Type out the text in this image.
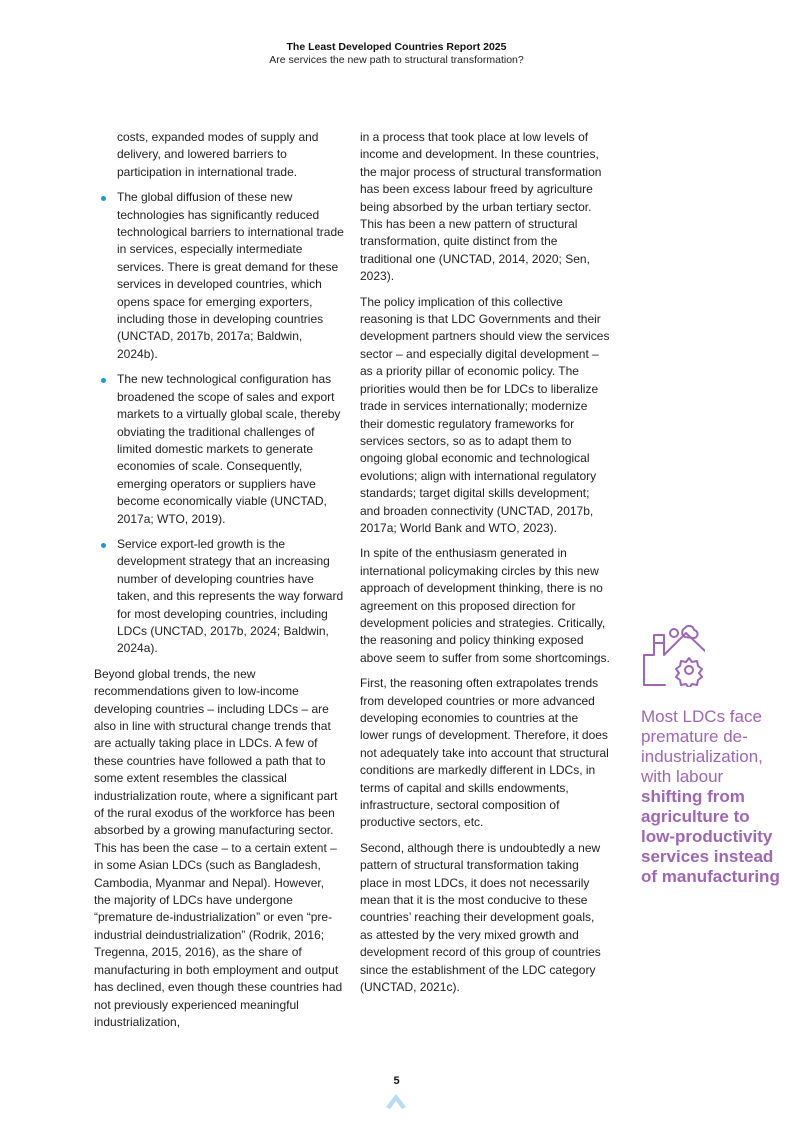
The Least Developed Countries Report 2025
Are services the new path to structural transformation?

costs, expanded modes of supply and delivery, and lowered barriers to participation in international trade.

The global diffusion of these new technologies has significantly reduced technological barriers to international trade in services, especially intermediate services. There is great demand for these services in developed countries, which opens space for emerging exporters, including those in developing countries (UNCTAD, 2017b, 2017a; Baldwin, 2024b).
The new technological configuration has broadened the scope of sales and export markets to a virtually global scale, thereby obviating the traditional challenges of limited domestic markets to generate economies of scale. Consequently, emerging operators or suppliers have become economically viable (UNCTAD, 2017a; WTO, 2019).
Service export-led growth is the development strategy that an increasing number of developing countries have taken, and this represents the way forward for most developing countries, including LDCs (UNCTAD, 2017b, 2024; Baldwin, 2024a).

Beyond global trends, the new recommendations given to low-income developing countries – including LDCs – are also in line with structural change trends that are actually taking place in LDCs. A few of these countries have followed a path that to some extent resembles the classical industrialization route, where a significant part of the rural exodus of the workforce has been absorbed by a growing manufacturing sector. This has been the case – to a certain extent – in some Asian LDCs (such as Bangladesh, Cambodia, Myanmar and Nepal). However, the majority of LDCs have undergone “premature de-industrialization” or even “pre-industrial deindustrialization” (Rodrik, 2016; Tregenna, 2015, 2016), as the share of manufacturing in both employment and output has declined, even though these countries had not previously experienced meaningful industrialization,

in a process that took place at low levels of income and development. In these countries, the major process of structural transformation has been excess labour freed by agriculture being absorbed by the urban tertiary sector. This has been a new pattern of structural transformation, quite distinct from the traditional one (UNCTAD, 2014, 2020; Sen, 2023).

The policy implication of this collective reasoning is that LDC Governments and their development partners should view the services sector – and especially digital development – as a priority pillar of economic policy. The priorities would then be for LDCs to liberalize trade in services internationally; modernize their domestic regulatory frameworks for services sectors, so as to adapt them to ongoing global economic and technological evolutions; align with international regulatory standards; target digital skills development; and broaden connectivity (UNCTAD, 2017b, 2017a; World Bank and WTO, 2023).

In spite of the enthusiasm generated in international policymaking circles by this new approach of development thinking, there is no agreement on this proposed direction for development policies and strategies. Critically, the reasoning and policy thinking exposed above seem to suffer from some shortcomings.

First, the reasoning often extrapolates trends from developed countries or more advanced developing economies to countries at the lower rungs of development. Therefore, it does not adequately take into account that structural conditions are markedly different in LDCs, in terms of capital and skills endowments, infrastructure, sectoral composition of productive sectors, etc.

Second, although there is undoubtedly a new pattern of structural transformation taking place in most LDCs, it does not necessarily mean that it is the most conducive to these countries’ reaching their development goals, as attested by the very mixed growth and development record of this group of countries since the establishment of the LDC category (UNCTAD, 2021c).

Most LDCs face premature de-industrialization, with labour shifting from agriculture to low-productivity services instead of manufacturing
5
